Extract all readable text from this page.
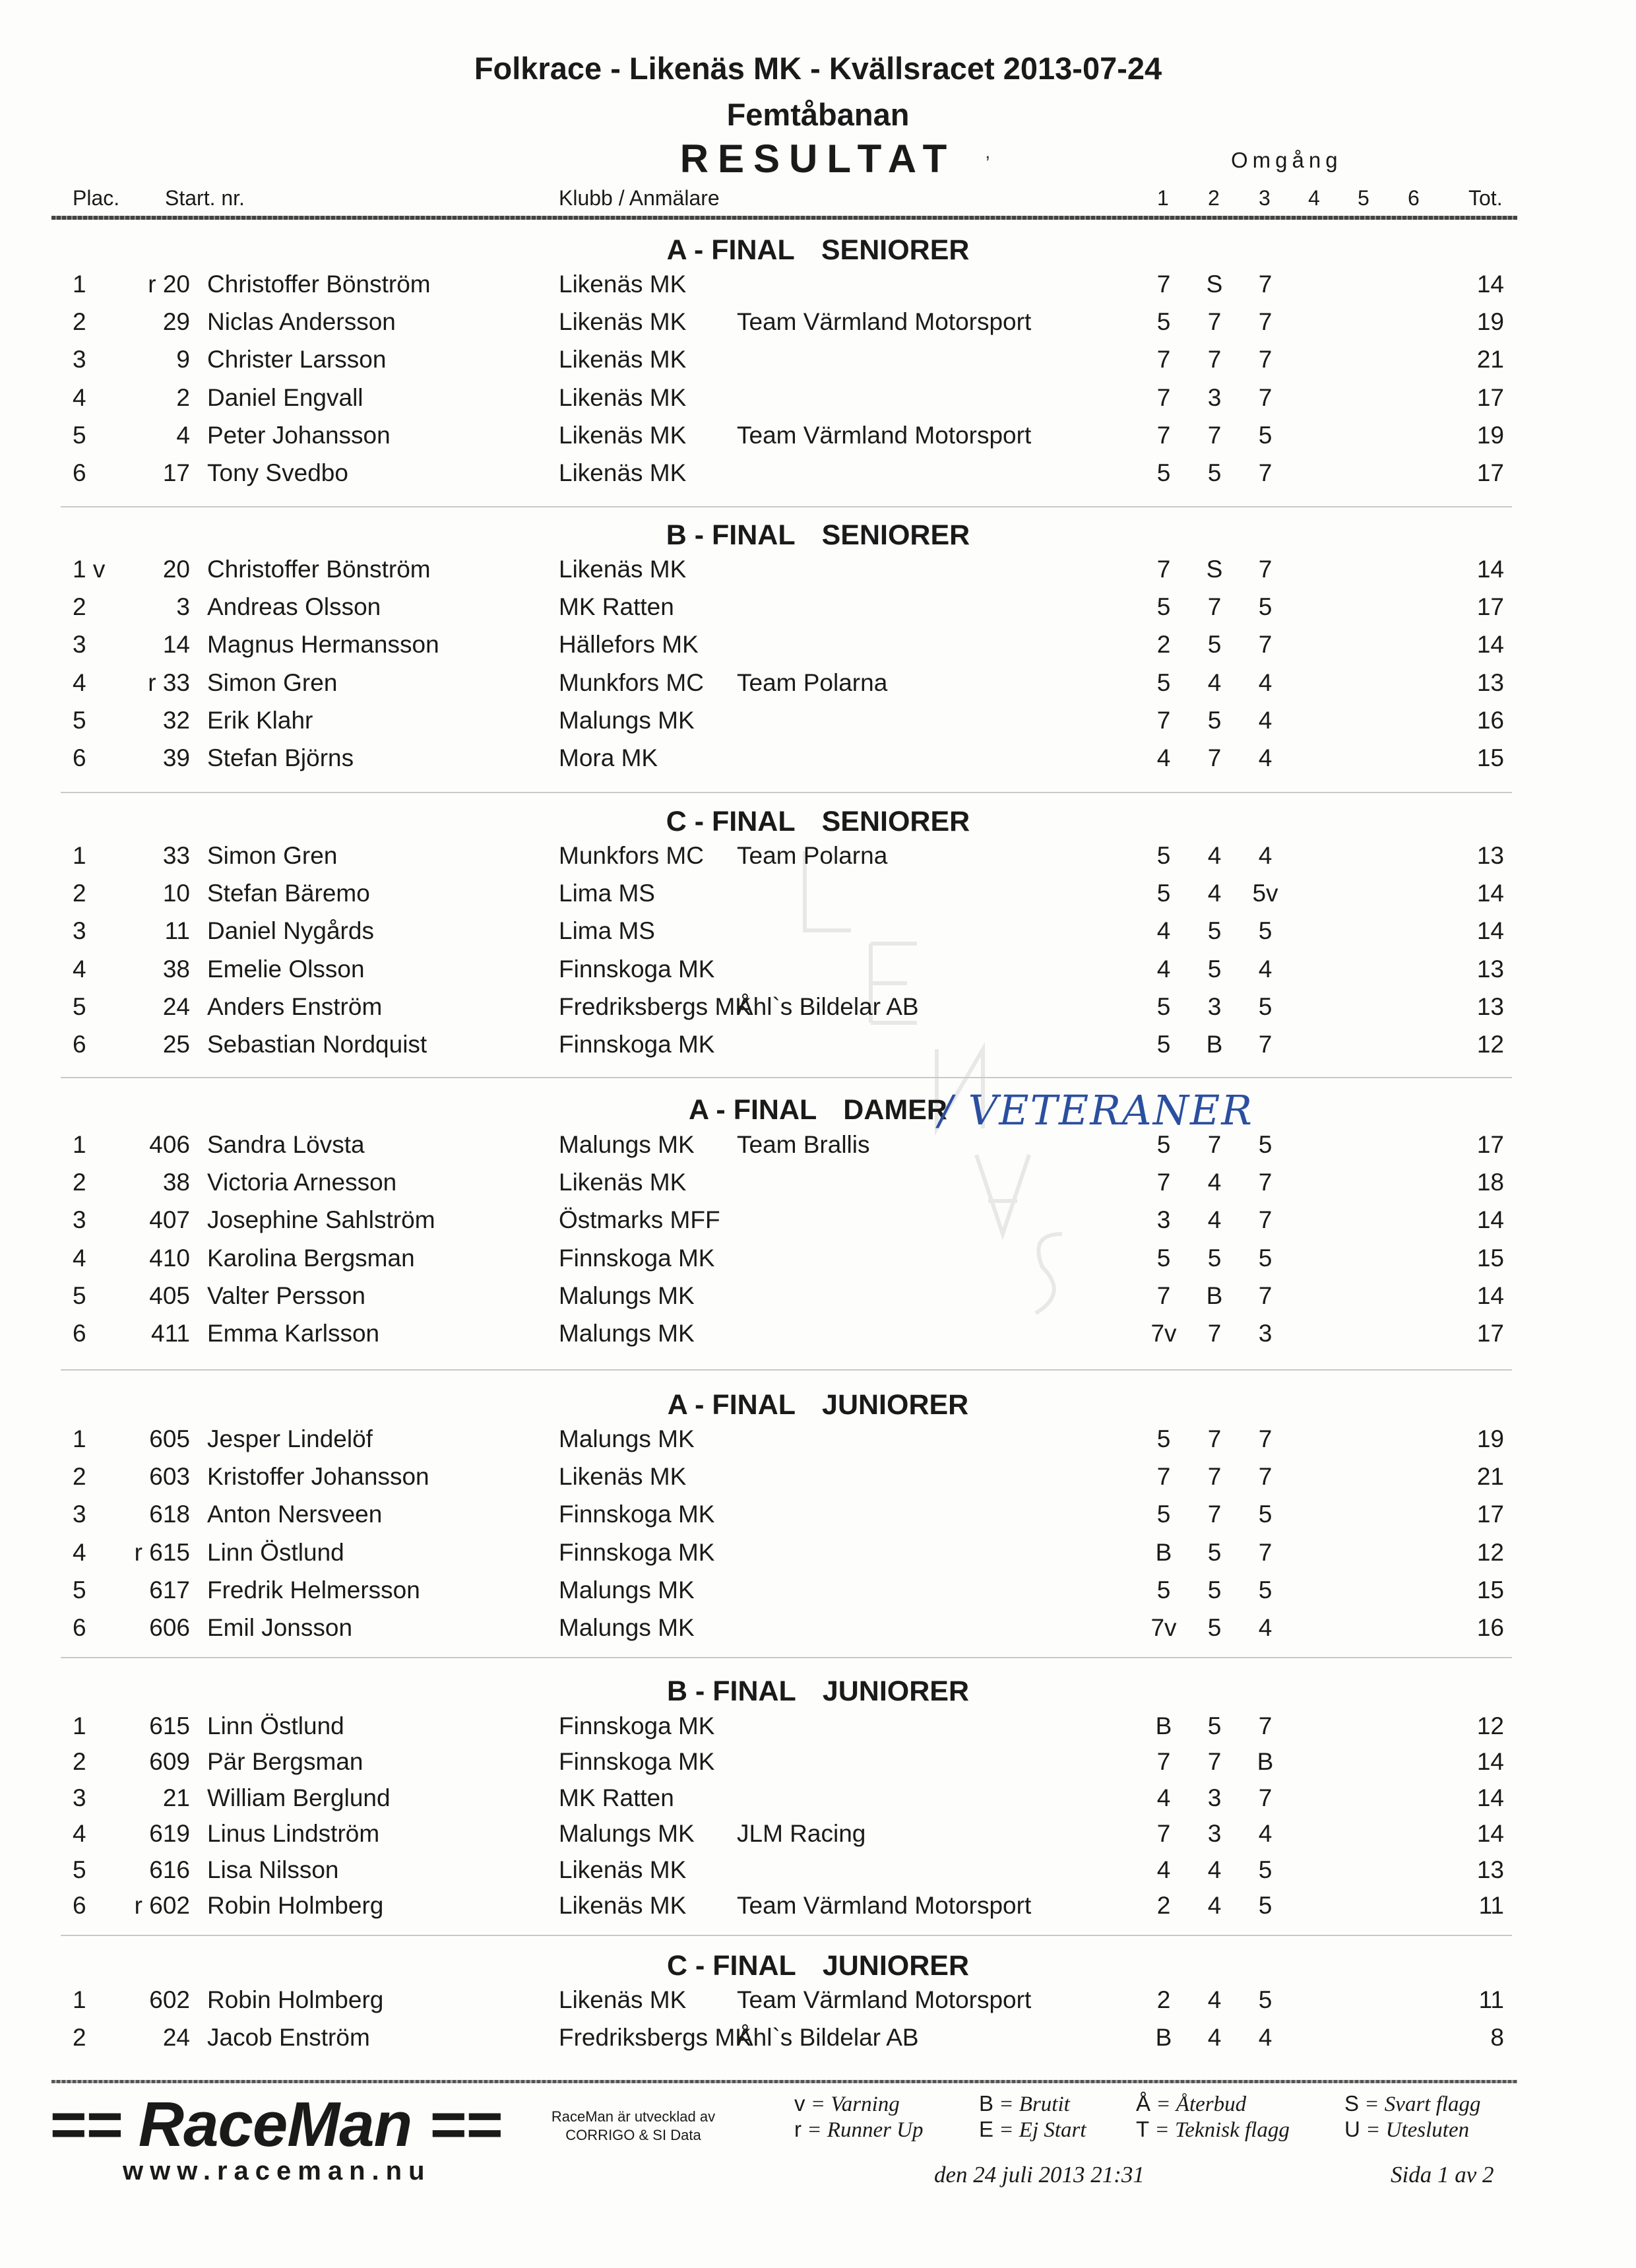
Folkrace - Likenäs MK - Kvällsracet 2013-07-24
Femtåbanan
RESULTAT	ʼ	Omgång
Plac. Start. nr.	Klubb / Anmälare	1 2 3 4 5 6 Tot.
A - FINAL SENIORER
B - FINAL SENIORER
C - FINAL SENIORER
A - FINAL DAMER
A - FINAL JUNIORER
B - FINAL JUNIORER
C - FINAL JUNIORER
1	r 20 Christoffer Bönström	Likenäs MK	7	S	7	14
2	29 Niclas Andersson	Likenäs MK Team Värmland Motorsport	5	7	7	19
3	9 Christer Larsson	Likenäs MK	7	7	7	21
4	2 Daniel Engvall	Likenäs MK	7	3	7	17
5	4 Peter Johansson	Likenäs MK Team Värmland Motorsport	7	7	5	19
6	17 Tony Svedbo	Likenäs MK	5	5	7	17
1 v	20 Christoffer Bönström	Likenäs MK	7	S	7	14
2	3 Andreas Olsson	MK Ratten	5	7	5	17
3	14 Magnus Hermansson	Hällefors MK	2	5	7	14
4	r 33 Simon Gren	Munkfors MC Team Polarna	5	4	4	13
5	32 Erik Klahr	Malungs MK	7	5	4	16
6	39 Stefan Björns	Mora MK	4	7	4	15
1	33 Simon Gren	Munkfors MC Team Polarna	5	4	4	13
2	10 Stefan Bäremo	Lima MS	5	4	5v	14
3	11 Daniel Nygårds	Lima MS	4	5	5	14
4	38 Emelie Olsson	Finnskoga MK	4	5	4	13
5	24 Anders Enström	Fredriksbergs MK
Åhl`s Bildelar AB	5	3	5	13
6	25 Sebastian Nordquist	Finnskoga MK	5	B	7	12
1	406 Sandra Lövsta	Malungs MK Team Brallis	5	7	5	17
2	38 Victoria Arnesson	Likenäs MK	7	4	7	18
3	407 Josephine Sahlström	Östmarks MFF	3	4	7	14
4	410 Karolina Bergsman	Finnskoga MK	5	5	5	15
5	405 Valter Persson	Malungs MK	7	B	7	14
6	411 Emma Karlsson	Malungs MK	7v	7	3	17
1	605 Jesper Lindelöf	Malungs MK	5	7	7	19
2	603 Kristoffer Johansson	Likenäs MK	7	7	7	21
3	618 Anton Nersveen	Finnskoga MK	5	7	5	17
4	r 615 Linn Östlund	Finnskoga MK	B	5	7	12
5	617 Fredrik Helmersson	Malungs MK	5	5	5	15
6	606 Emil Jonsson	Malungs MK	7v	5	4	16
1	615 Linn Östlund	Finnskoga MK	B	5	7	12
2	609 Pär Bergsman	Finnskoga MK	7	7	B	14
3	21 William Berglund	MK Ratten	4	3	7	14
4	619 Linus Lindström	Malungs MK JLM Racing	7	3	4	14
5	616 Lisa Nilsson	Likenäs MK	4	4	5	13
6	r 602 Robin Holmberg	Likenäs MK Team Värmland Motorsport	2	4	5	11
1	602 Robin Holmberg	Likenäs MK Team Värmland Motorsport	2	4	5	11
2	24 Jacob Enström	Fredriksbergs MK
Åhl`s Bildelar AB	B	4	4	8
/ VETERANER
== RaceMan ==
www.raceman.nu
RaceMan är utvecklad av
CORRIGO & SI Data
v = Varning
r = Runner Up
B = Brutit
E = Ej Start
Å = Återbud
T = Teknisk flagg
S = Svart flagg
U = Utesluten
den 24 juli 2013 21:31	Sida 1 av 2
